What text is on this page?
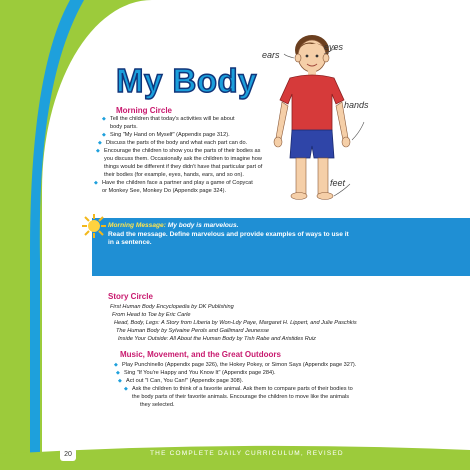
My Body
ears
eyes
hands
feet
Morning Circle

◆ Tell the children that today's activities will be about

body parts.

◆ Sing "My Hand on Myself" (Appendix page 312).

◆ Discuss the parts of the body and what each part can do.

◆ Encourage the children to show you the parts of their bodies as

you discuss them. Occasionally ask the children to imagine how

things would be different if they didn't have that particular part of

their bodies (for example, eyes, hands, ears, and so on).

◆ Have the children face a partner and play a game of Copycat

or Monkey See, Monkey Do (Appendix page 324).

Morning Message: My body is marvelous.
Read the message. Define marvelous and provide examples of ways to use it
in a sentence.

Story Circle

First Human Body Encyclopedia by DK Publishing

From Head to Toe by Eric Carle

Head, Body, Legs: A Story from Liberia by Won-Ldy Paye, Margaret H. Lippert, and Julie Paschkis

The Human Body by Sylvaine Perols and Gallimard Jeunesse

Inside Your Outside: All About the Human Body by Tish Rabe and Aristides Ruiz

Music, Movement, and the Great Outdoors

◆ Play Punchinello (Appendix page 326), the Hokey Pokey, or Simon Says (Appendix page 327).

◆ Sing "If You're Happy and You Know It" (Appendix page 284).

◆ Act out "I Can, You Can!" (Appendix page 308).

◆ Ask the children to think of a favorite animal. Ask them to compare parts of their bodies to

the body parts of their favorite animals. Encourage the children to move like the animals

they selected.

20	THE COMPLETE DAILY CURRICULUM, REVISED
